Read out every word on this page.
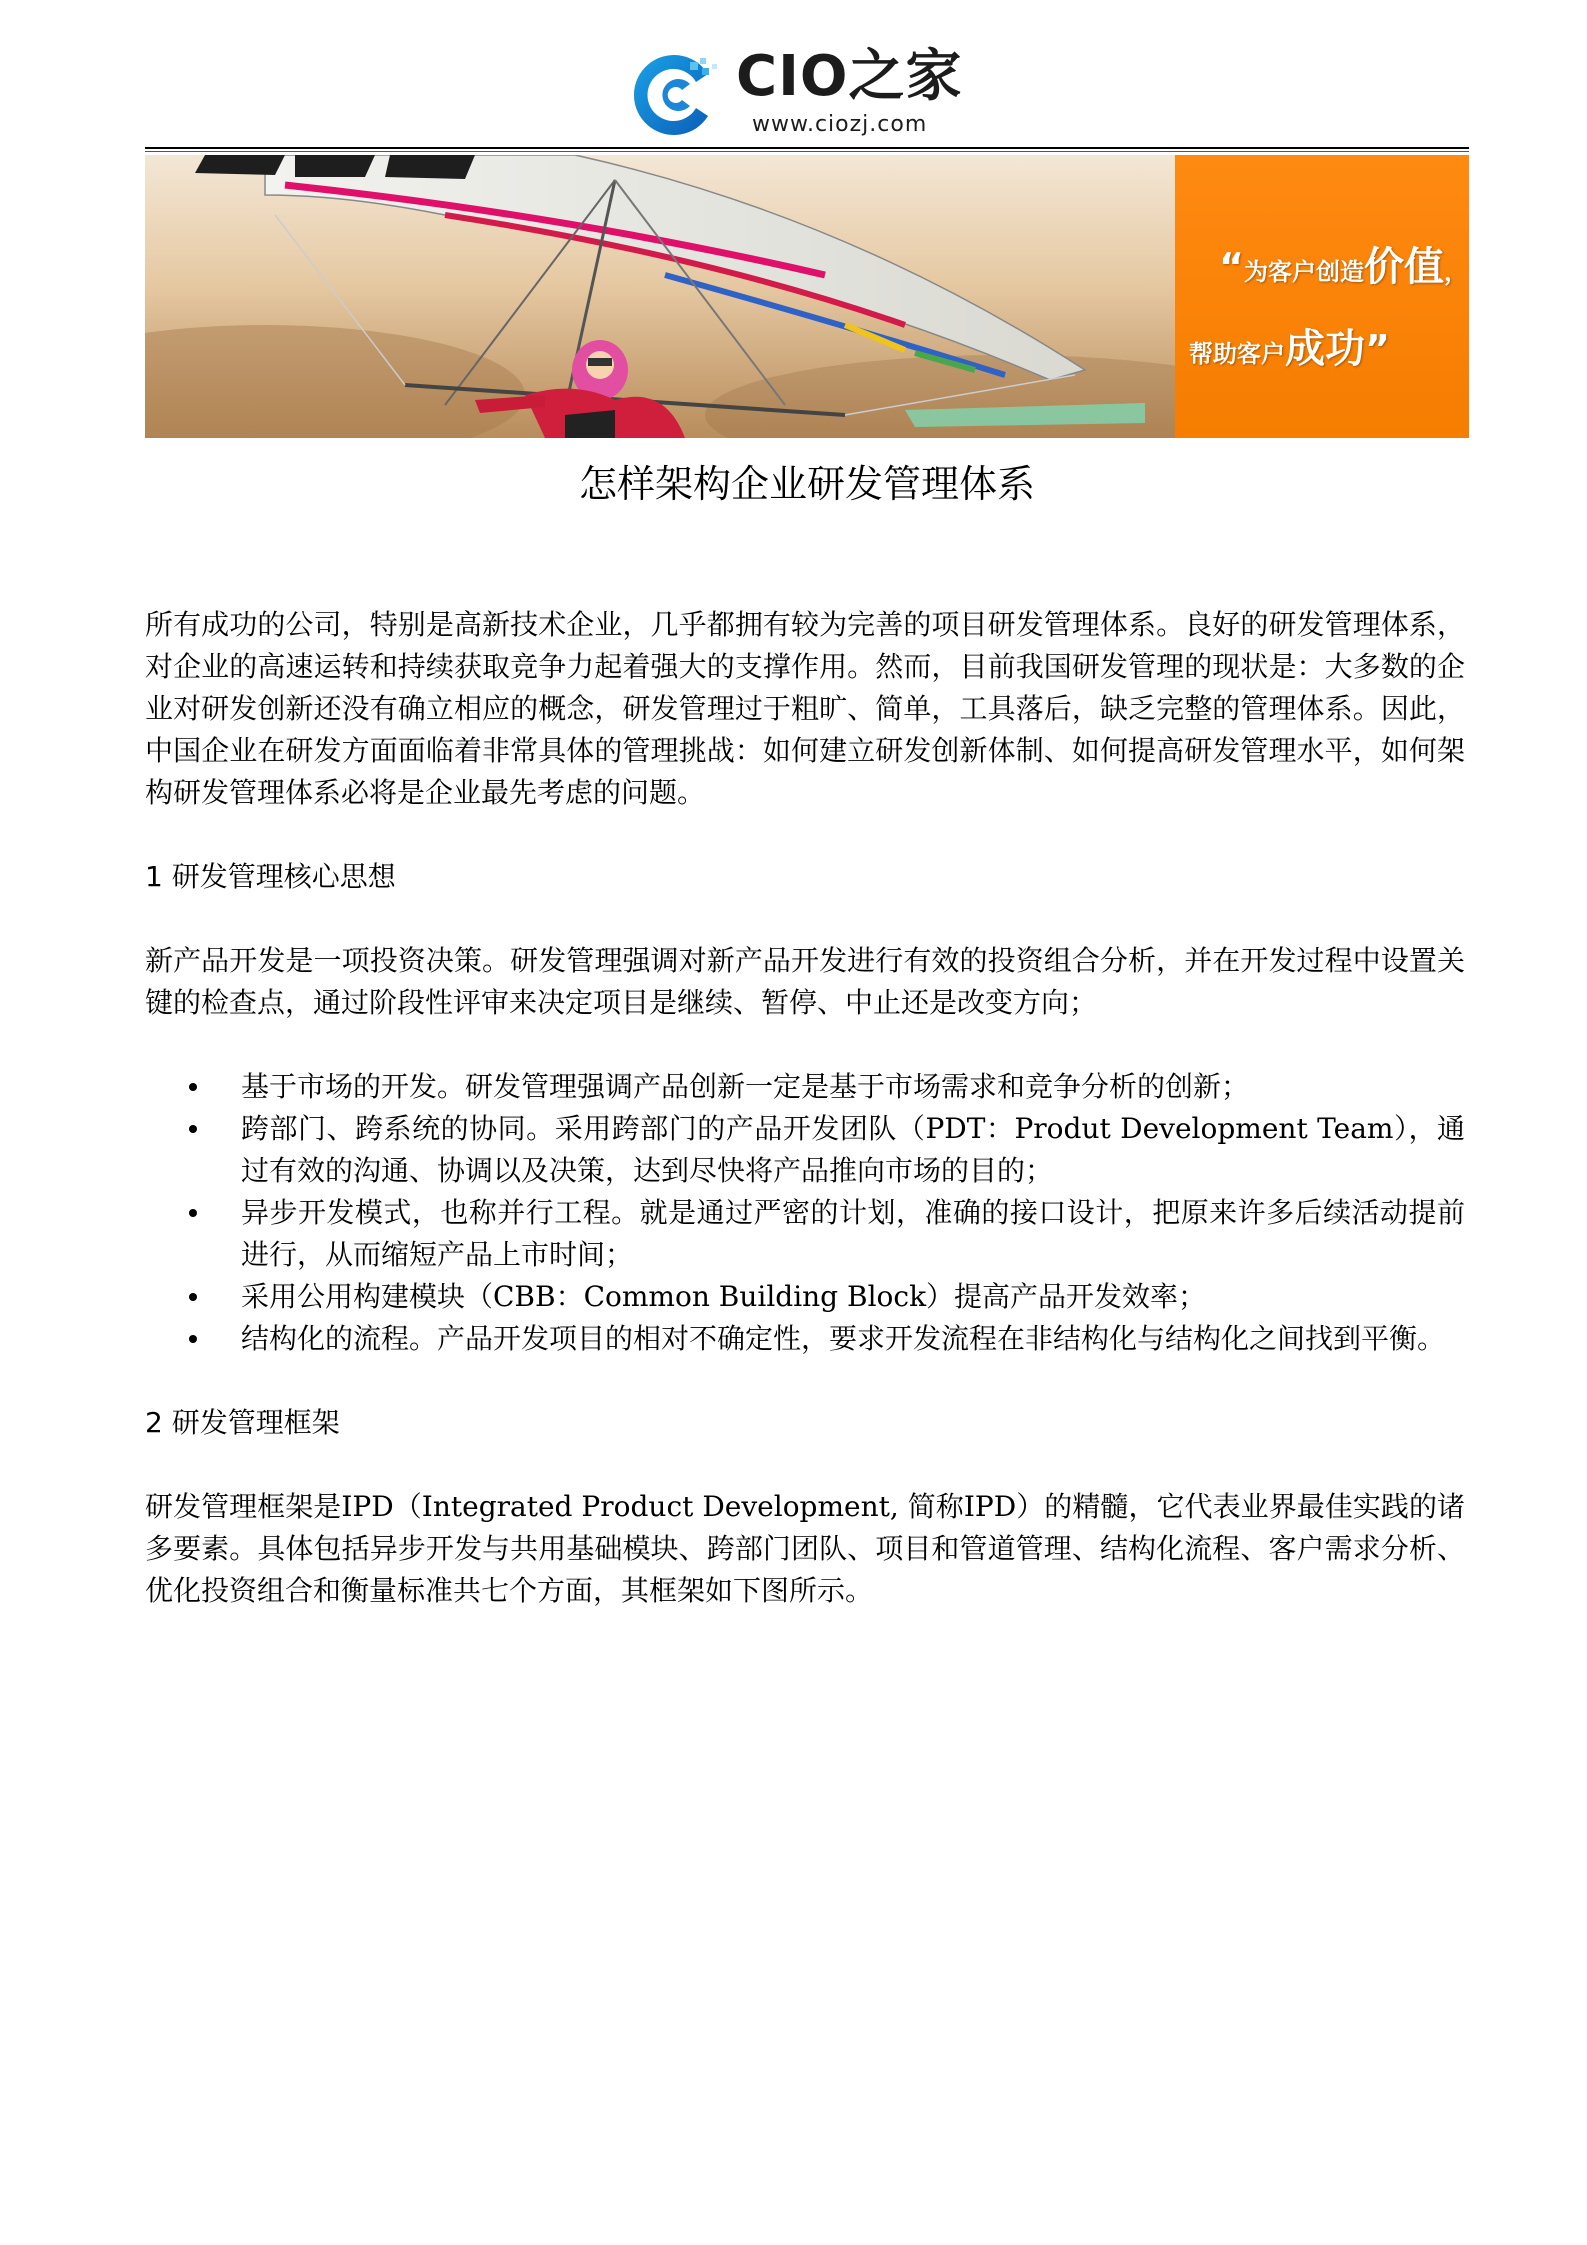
CIO之家
www.ciozj.com
“为客户创造价值，
帮助客户成功”
怎样架构企业研发管理体系

所有成功的公司，特别是高新技术企业，几乎都拥有较为完善的项目研发管理体系。良好的研发管理体系，对企业的高速运转和持续获取竞争力起着强大的支撑作用。然而，目前我国研发管理的现状是：大多数的企业对研发创新还没有确立相应的概念，研发管理过于粗旷、简单，工具落后，缺乏完整的管理体系。因此，中国企业在研发方面面临着非常具体的管理挑战：如何建立研发创新体制、如何提高研发管理水平，如何架构研发管理体系必将是企业最先考虑的问题。

1 研发管理核心思想

新产品开发是一项投资决策。研发管理强调对新产品开发进行有效的投资组合分析，并在开发过程中设置关键的检查点，通过阶段性评审来决定项目是继续、暂停、中止还是改变方向；

基于市场的开发。研发管理强调产品创新一定是基于市场需求和竞争分析的创新；
跨部门、跨系统的协同。采用跨部门的产品开发团队（PDT：Produt Development Team），通过有效的沟通、协调以及决策，达到尽快将产品推向市场的目的；
异步开发模式，也称并行工程。就是通过严密的计划，准确的接口设计，把原来许多后续活动提前进行，从而缩短产品上市时间；
采用公用构建模块（CBB：Common Building Block）提高产品开发效率；
结构化的流程。产品开发项目的相对不确定性，要求开发流程在非结构化与结构化之间找到平衡。
2 研发管理框架

研发管理框架是IPD（Integrated Product Development, 简称IPD）的精髓，它代表业界最佳实践的诸多要素。具体包括异步开发与共用基础模块、跨部门团队、项目和管道管理、结构化流程、客户需求分析、优化投资组合和衡量标准共七个方面，其框架如下图所示。
